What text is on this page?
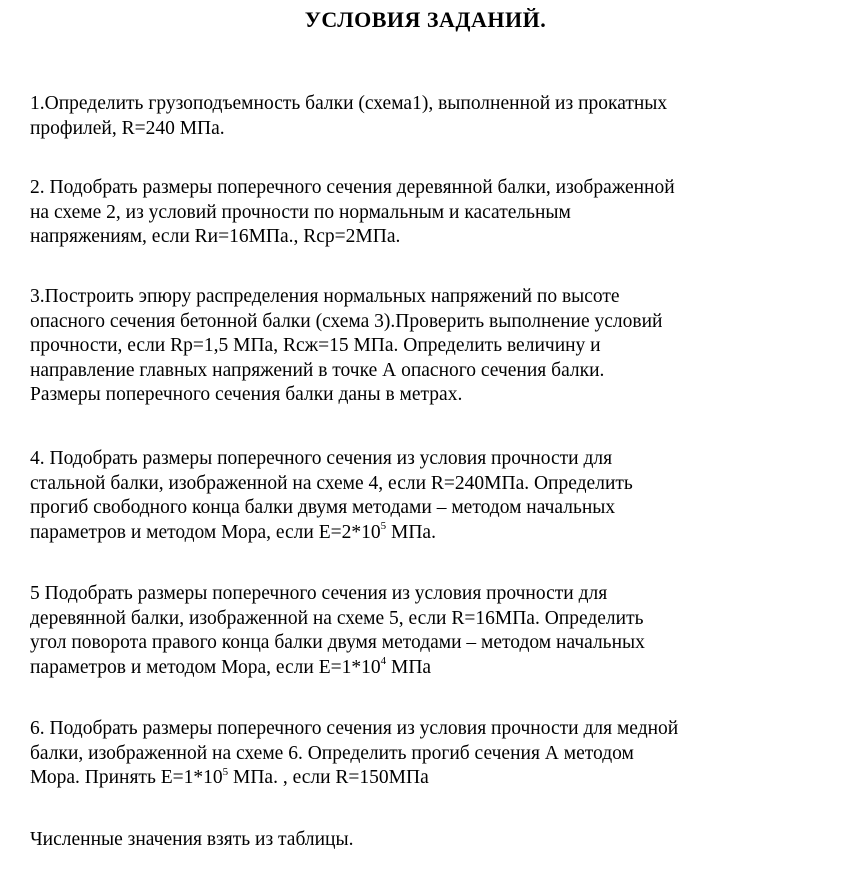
УСЛОВИЯ ЗАДАНИЙ.

1.Определить грузоподъемность балки (схема1), выполненной из прокатных
профилей, R=240 МПа.

2. Подобрать размеры поперечного сечения деревянной балки, изображенной
на схеме 2, из условий прочности по нормальным и касательным
напряжениям, если Rи=16МПа., Rср=2МПа.

3.Построить эпюру распределения нормальных напряжений по высоте
опасного сечения бетонной балки (схема 3).Проверить выполнение условий
прочности, если Rр=1,5 МПа, Rсж=15 МПа. Определить величину и
направление главных напряжений в точке А опасного сечения балки.
Размеры поперечного сечения балки даны в метрах.

4. Подобрать размеры поперечного сечения из условия прочности для
стальной балки, изображенной на схеме 4, если R=240МПа. Определить
прогиб свободного конца балки двумя методами – методом начальных
параметров и методом Мора, если $Е=2*10^5$ МПа.

5 Подобрать размеры поперечного сечения из условия прочности для
деревянной балки, изображенной на схеме 5, если R=16МПа. Определить
угол поворота правого конца балки двумя методами – методом начальных
параметров и методом Мора, если $Е=1*10^4$ МПа

6. Подобрать размеры поперечного сечения из условия прочности для медной
балки, изображенной на схеме 6. Определить прогиб сечения А методом
Мора. Принять $Е=1*10^5$ МПа. , если R=150МПа

Численные значения взять из таблицы.
